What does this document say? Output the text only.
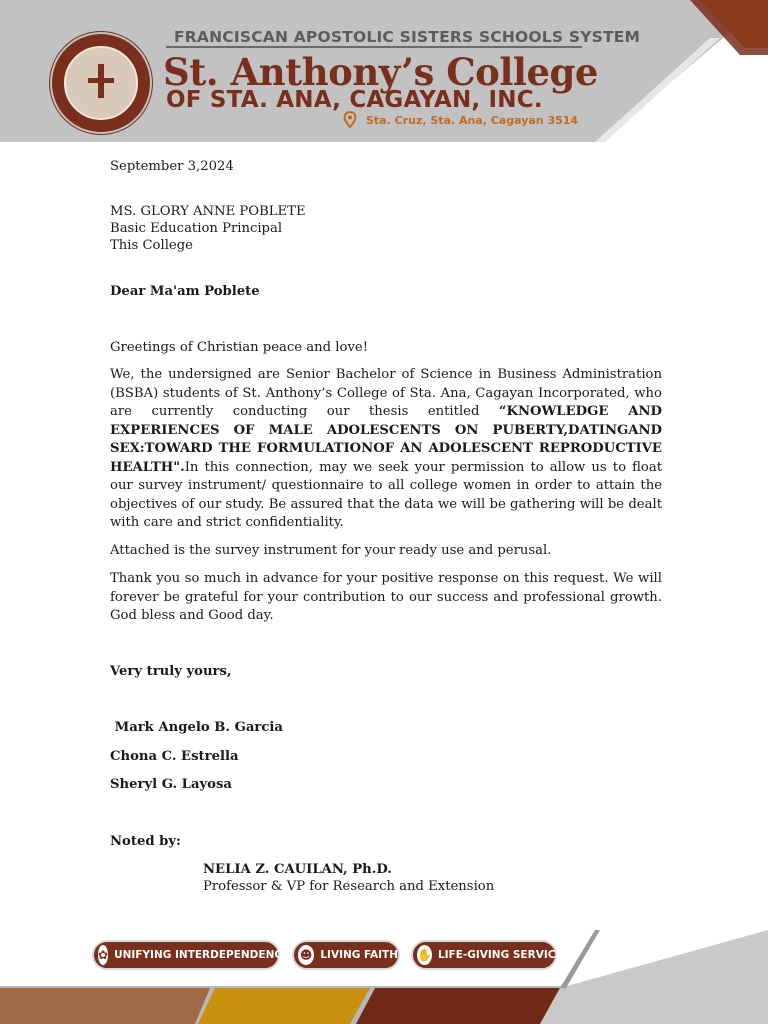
FRANCISCAN APOSTOLIC SISTERS SCHOOLS SYSTEM
St. Anthony’s College
OF STA. ANA, CAGAYAN, INC.
Sta. Cruz, Sta. Ana, Cagayan 3514

September 3,2024

MS. GLORY ANNE POBLETE

Basic Education Principal

This College

Dear Ma'am Poblete

Greetings of Christian peace and love!

We, the undersigned are Senior Bachelor of Science in Business Administration (BSBA) students of St. Anthony’s College of Sta. Ana, Cagayan Incorporated, who are currently conducting our thesis entitled “KNOWLEDGE AND EXPERIENCES OF MALE ADOLESCENTS ON PUBERTY,DATINGAND SEX:TOWARD THE FORMULATIONOF AN ADOLESCENT REPRODUCTIVE HEALTH".In this connection, may we seek your permission to allow us to float our survey instrument/ questionnaire to all college women in order to attain the objectives of our study. Be assured that the data we will be gathering will be dealt with care and strict confidentiality.

Attached is the survey instrument for your ready use and perusal.

Thank you so much in advance for your positive response on this request. We will forever be grateful for your contribution to our success and professional growth. God bless and Good day.

Very truly yours,

Mark Angelo B. Garcia

Chona C. Estrella

Sheryl G. Layosa

Noted by:

NELIA Z. CAUILAN, Ph.D.

Professor & VP for Research and Extension

✿ UNIFYING INTERDEPENDENCE ☻ LIVING FAITH ✋ LIFE-GIVING SERVICE
